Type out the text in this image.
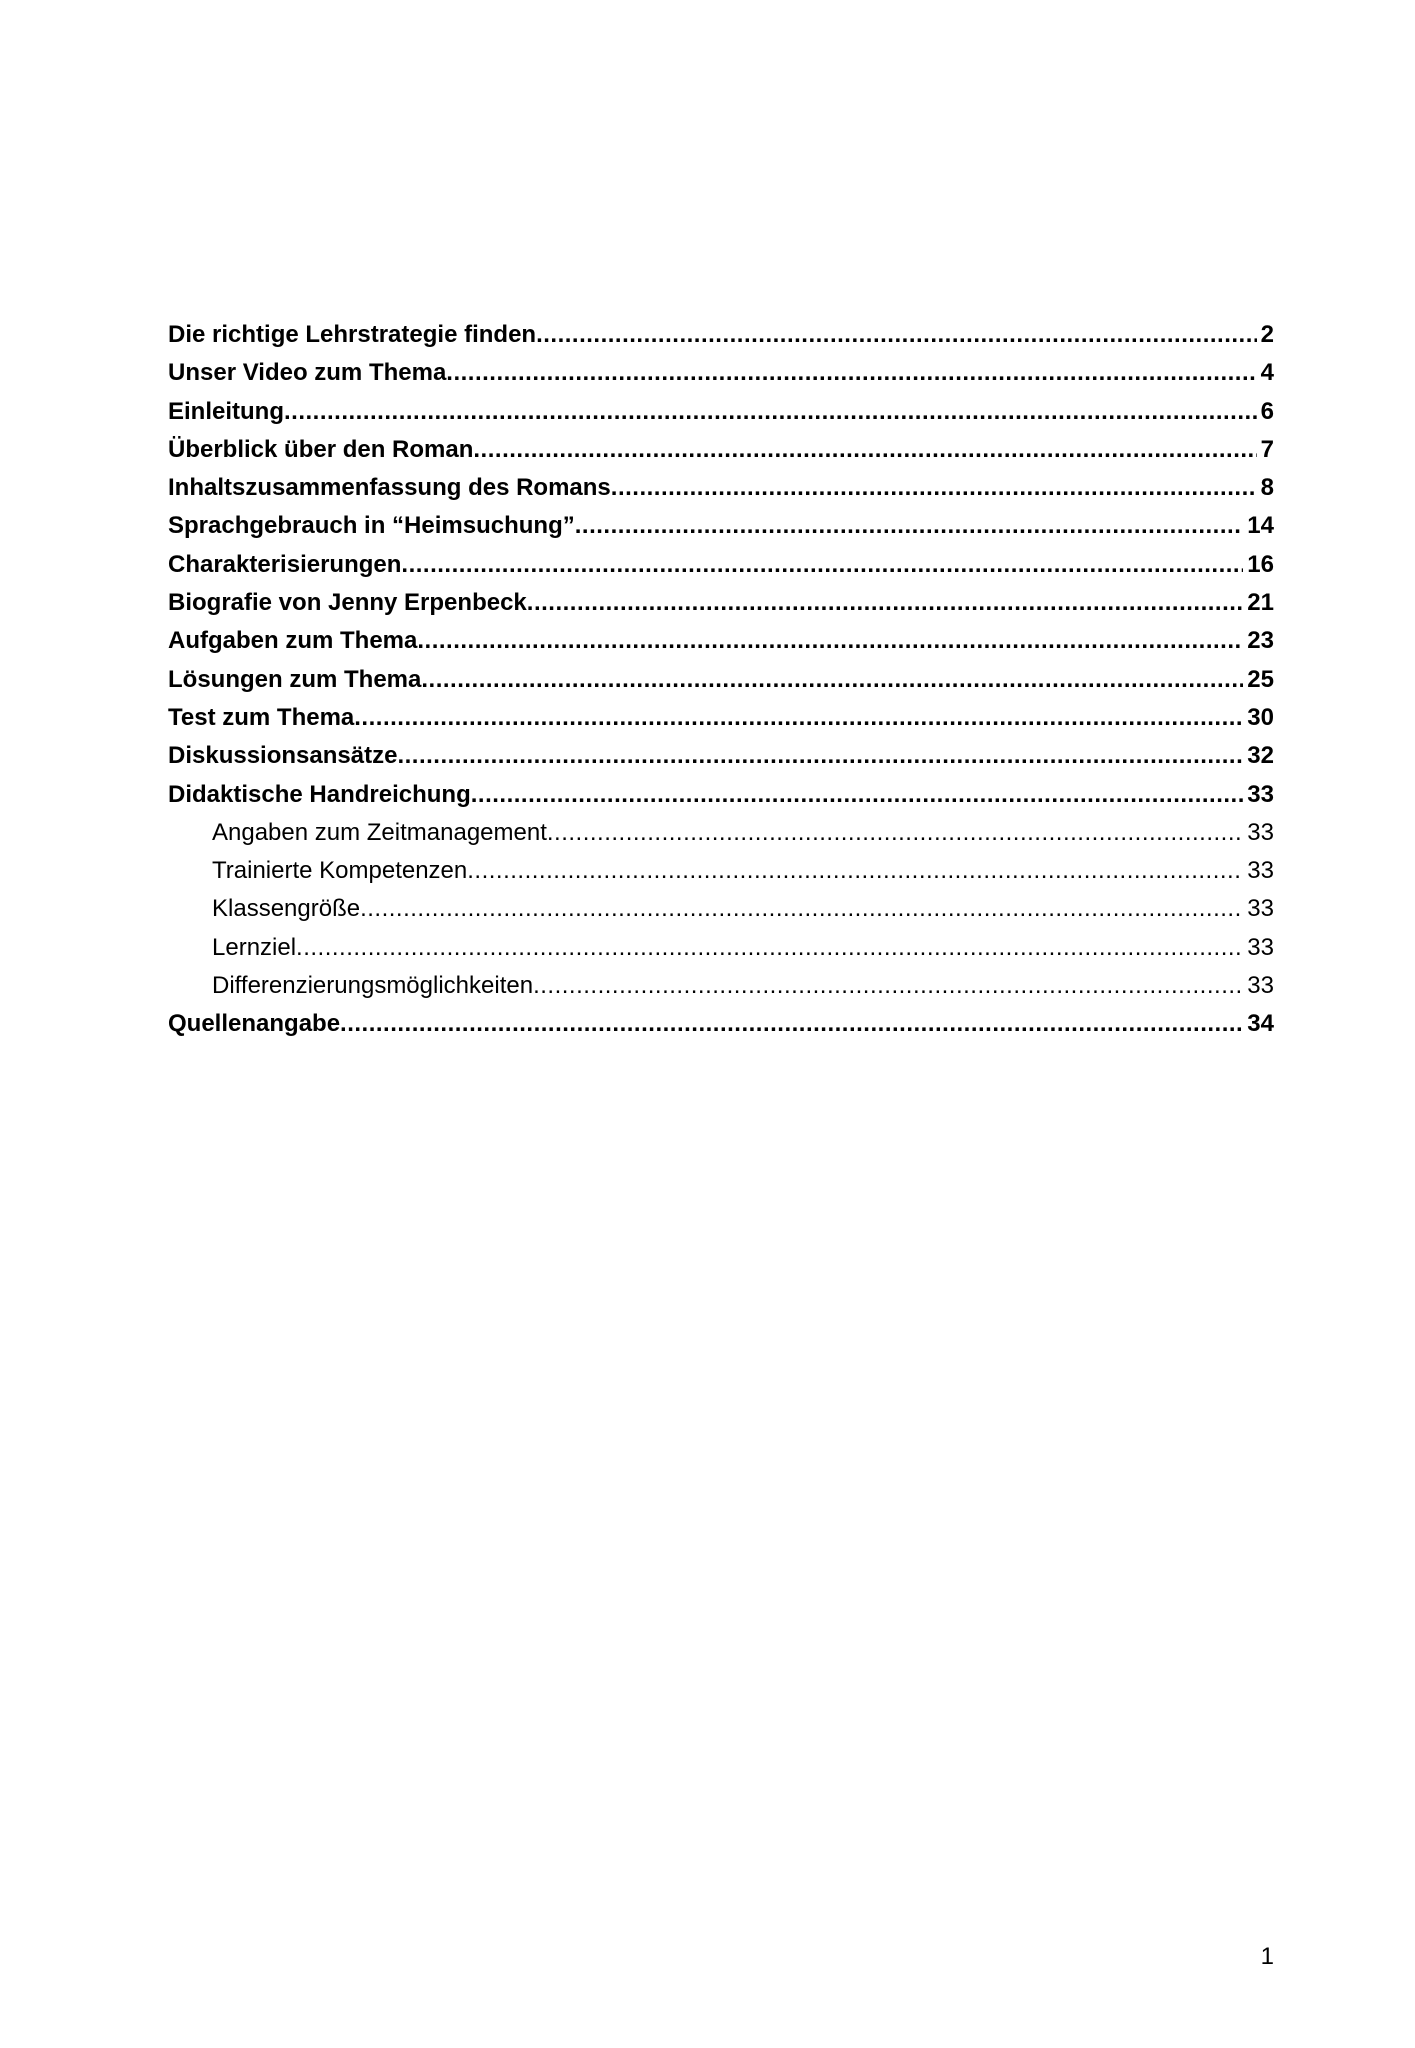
Die richtige Lehrstrategie finden .....	2
Unser Video zum Thema .....	4
Einleitung .....	6
Überblick über den Roman .....	7
Inhaltszusammenfassung des Romans .....	8
Sprachgebrauch in “Heimsuchung” .....	14
Charakterisierungen .....	16
Biografie von Jenny Erpenbeck .....	21
Aufgaben zum Thema .....	23
Lösungen zum Thema .....	25
Test zum Thema .....	30
Diskussionsansätze .....	32
Didaktische Handreichung .....	33
Angaben zum Zeitmanagement .....	33
Trainierte Kompetenzen .....	33
Klassengröße .....	33
Lernziel .....	33
Differenzierungsmöglichkeiten .....	33
Quellenangabe .....	34
1
